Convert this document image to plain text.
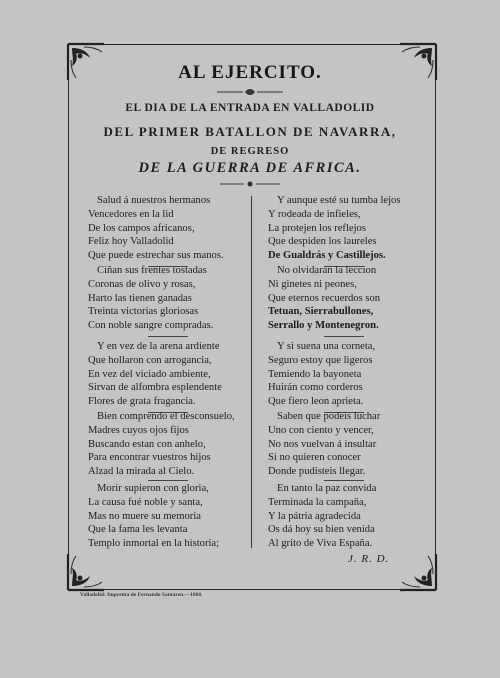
AL EJERCITO.
EL DIA DE LA ENTRADA EN VALLADOLID
DEL PRIMER BATALLON DE NAVARRA,
DE REGRESO
DE LA GUERRA DE AFRICA.
Salud á nuestros hermanos
Vencedores en la lid
De los campos africanos,
Feliz hoy Valladolid
Que puede estrechar sus manos.
Ciñan sus frentes tostadas
Coronas de olivo y rosas,
Harto las tienen ganadas
Treinta victorias gloriosas
Con noble sangre compradas.
Y en vez de la arena ardiente
Que hollaron con arrogancia,
En vez del viciado ambiente,
Sirvan de alfombra esplendente
Flores de grata fragancia.
Bien comprendo el desconsuelo,
Madres cuyos ojos fijos
Buscando estan con anhelo,
Para encontrar vuestros hijos
Alzad la mirada al Cielo.
Morir supieron con gloria,
La causa fué noble y santa,
Mas no muere su memoria
Que la fama les levanta
Templo inmortal en la historia;
Y aunque esté su tumba lejos
Y rodeada de infieles,
La protejen los reflejos
Que despiden los laureles
De Gualdrás y Castillejos.
No olvidarán la leccion
Ni ginetes ni peones,
Que eternos recuerdos son
Tetuan, Sierrabullones,
Serrallo y Montenegron.
Y si suena una corneta,
Seguro estoy que ligeros
Temiendo la bayoneta
Huirán como corderos
Que fiero leon aprieta.
Saben que podeis luchar
Uno con ciento y vencer,
No nos vuelvan á insultar
Si no quieren conocer
Donde pudisteis llegar.
En tanto la paz convida
Terminada la campaña,
Y la pátria agradecida
Os dá hoy su bien venida
Al grito de Viva España.
J. R. D.
Valladolid: Imprenta de Fernando Santaren.—1860.
